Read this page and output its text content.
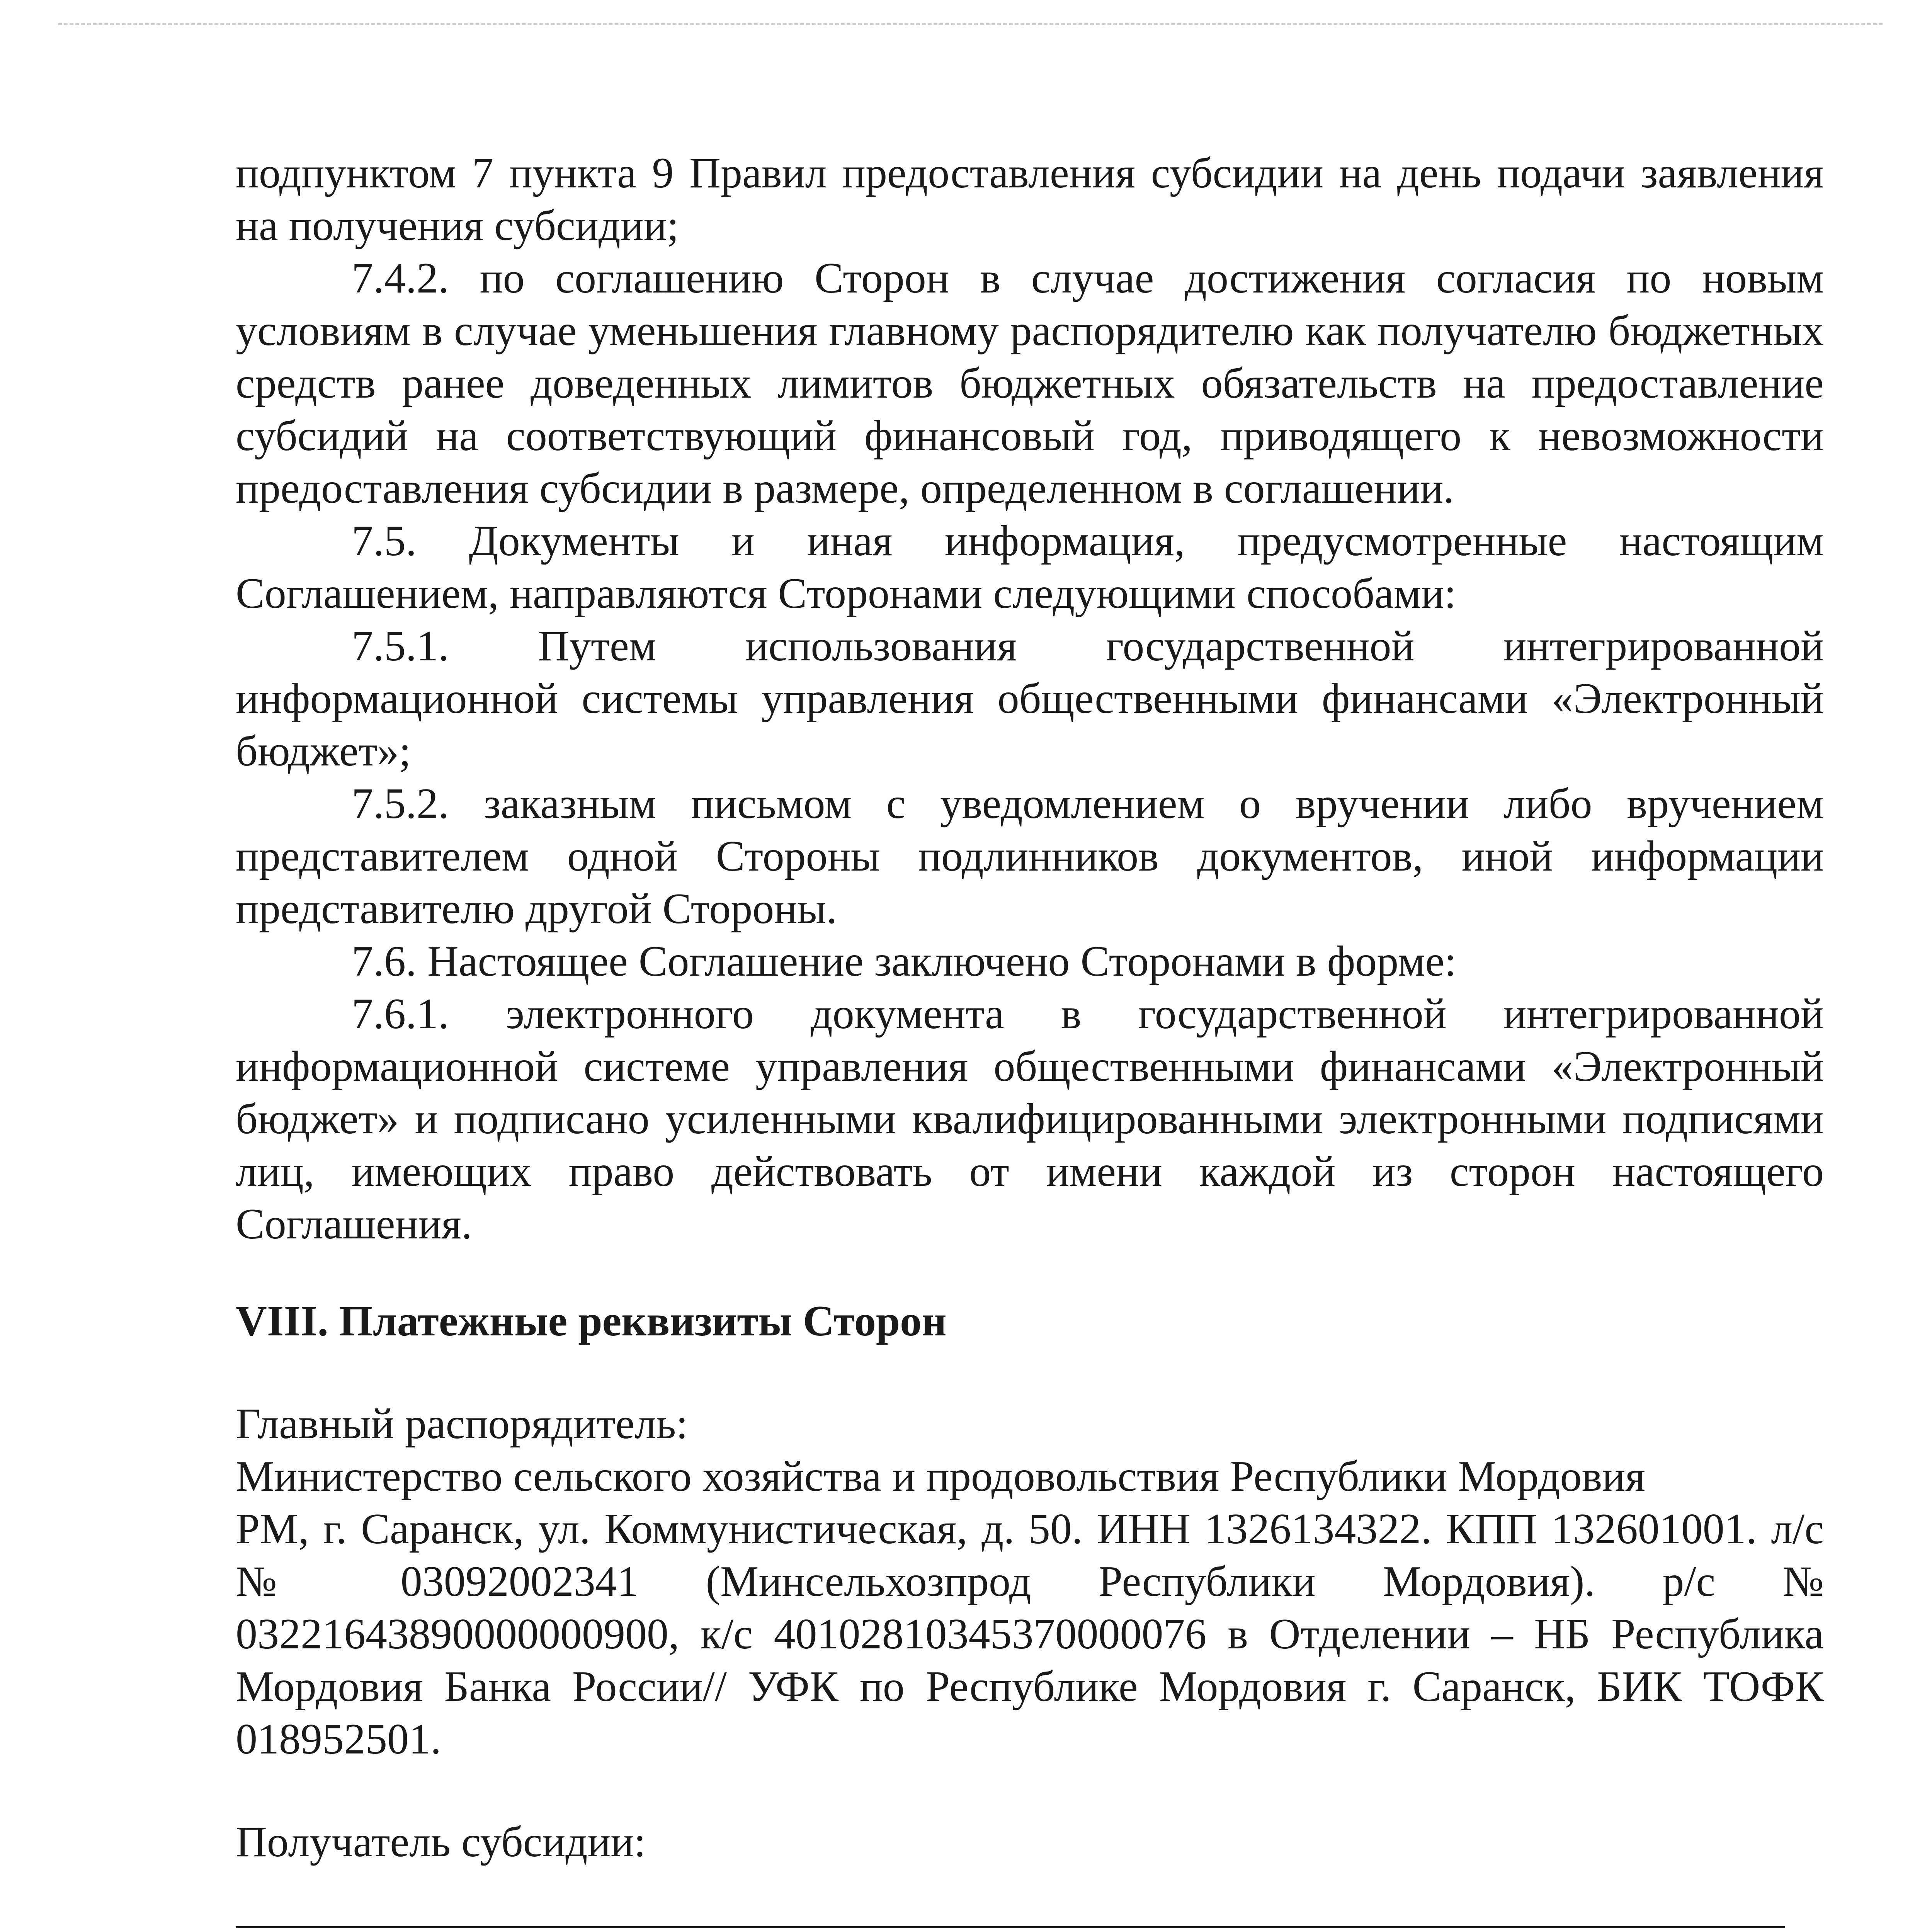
подпунктом 7 пункта 9 Правил предоставления субсидии на день подачи заявления на получения субсидии;

7.4.2. по соглашению Сторон в случае достижения согласия по новым условиям в случае уменьшения главному распорядителю как получателю бюджетных средств ранее доведенных лимитов бюджетных обязательств на предоставление субсидий на соответствующий финансовый год, приводящего к невозможности предоставления субсидии в размере, определенном в соглашении.

7.5. Документы и иная информация, предусмотренные настоящим Соглашением, направляются Сторонами следующими способами:

7.5.1. Путем использования государственной интегрированной информационной системы управления общественными финансами «Электронный бюджет»;

7.5.2. заказным письмом с уведомлением о вручении либо вручением представителем одной Стороны подлинников документов, иной информации представителю другой Стороны.

7.6. Настоящее Соглашение заключено Сторонами в форме:

7.6.1. электронного документа в государственной интегрированной информационной системе управления общественными финансами «Электронный бюджет» и подписано усиленными квалифицированными электронными подписями лиц, имеющих право действовать от имени каждой из сторон настоящего Соглашения.

VIII. Платежные реквизиты Сторон

Главный распорядитель:

Министерство сельского хозяйства и продовольствия Республики Мордовия

РМ, г. Саранск, ул. Коммунистическая, д. 50. ИНН 1326134322. КПП 132601001. л/с № 03092002341 (Минсельхозпрод Республики Мордовия). р/с № 03221643890000000900, к/с 40102810345370000076 в Отделении – НБ Республика Мордовия Банка России// УФК по Республике Мордовия г. Саранск, БИК ТОФК 018952501.

Получатель субсидии:
